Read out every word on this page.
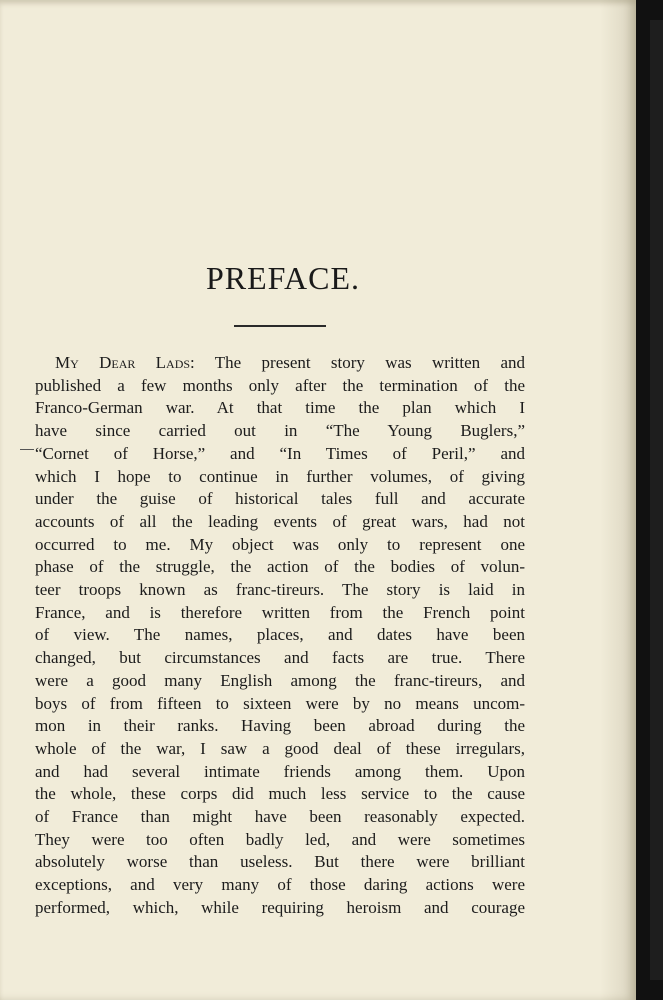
PREFACE.
My Dear Lads: The present story was written and
published a few months only after the termination of the
Franco-German war. At that time the plan which I
have since carried out in “The Young Buglers,”
“Cornet of Horse,” and “In Times of Peril,” and
which I hope to continue in further volumes, of giving
under the guise of historical tales full and accurate
accounts of all the leading events of great wars, had not
occurred to me. My object was only to represent one
phase of the struggle, the action of the bodies of volun-
teer troops known as franc-tireurs. The story is laid in
France, and is therefore written from the French point
of view. The names, places, and dates have been
changed, but circumstances and facts are true. There
were a good many English among the franc-tireurs, and
boys of from fifteen to sixteen were by no means uncom-
mon in their ranks. Having been abroad during the
whole of the war, I saw a good deal of these irregulars,
and had several intimate friends among them. Upon
the whole, these corps did much less service to the cause
of France than might have been reasonably expected.
They were too often badly led, and were sometimes
absolutely worse than useless. But there were brilliant
exceptions, and very many of those daring actions were
performed, which, while requiring heroism and courage
